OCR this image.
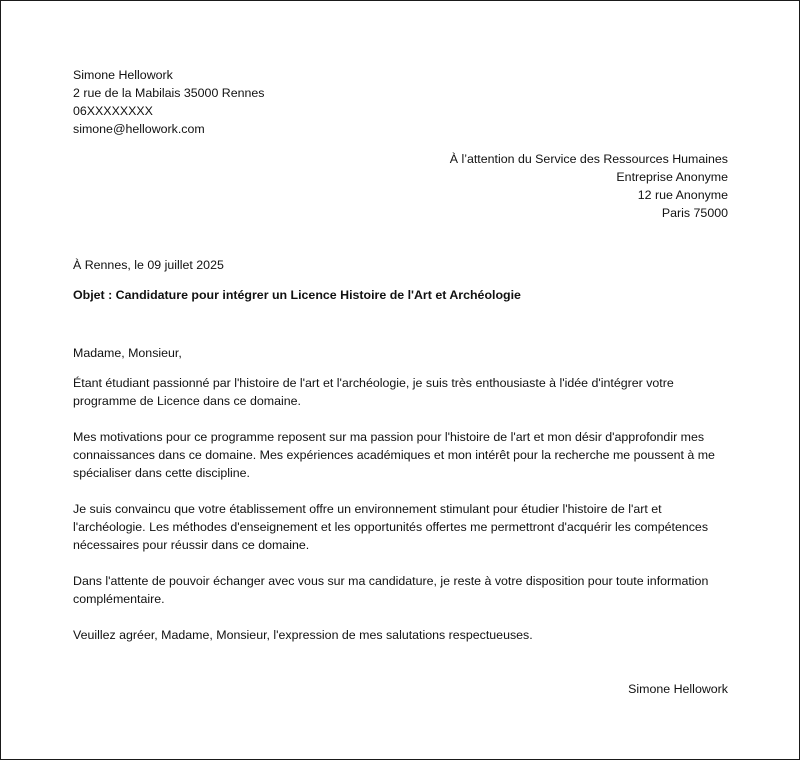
Simone Hellowork
2 rue de la Mabilais 35000 Rennes
06XXXXXXXX
simone@hellowork.com
À l’attention du Service des Ressources Humaines
Entreprise Anonyme
12 rue Anonyme
Paris 75000
À Rennes, le 09 juillet 2025
Objet : Candidature pour intégrer un Licence Histoire de l'Art et Archéologie
Madame, Monsieur,
Étant étudiant passionné par l'histoire de l'art et l'archéologie, je suis très enthousiaste à l'idée d'intégrer votre programme de Licence dans ce domaine.
Mes motivations pour ce programme reposent sur ma passion pour l'histoire de l'art et mon désir d'approfondir mes connaissances dans ce domaine. Mes expériences académiques et mon intérêt pour la recherche me poussent à me spécialiser dans cette discipline.
Je suis convaincu que votre établissement offre un environnement stimulant pour étudier l'histoire de l'art et l'archéologie. Les méthodes d'enseignement et les opportunités offertes me permettront d'acquérir les compétences nécessaires pour réussir dans ce domaine.
Dans l'attente de pouvoir échanger avec vous sur ma candidature, je reste à votre disposition pour toute information complémentaire.
Veuillez agréer, Madame, Monsieur, l'expression de mes salutations respectueuses.
Simone Hellowork
